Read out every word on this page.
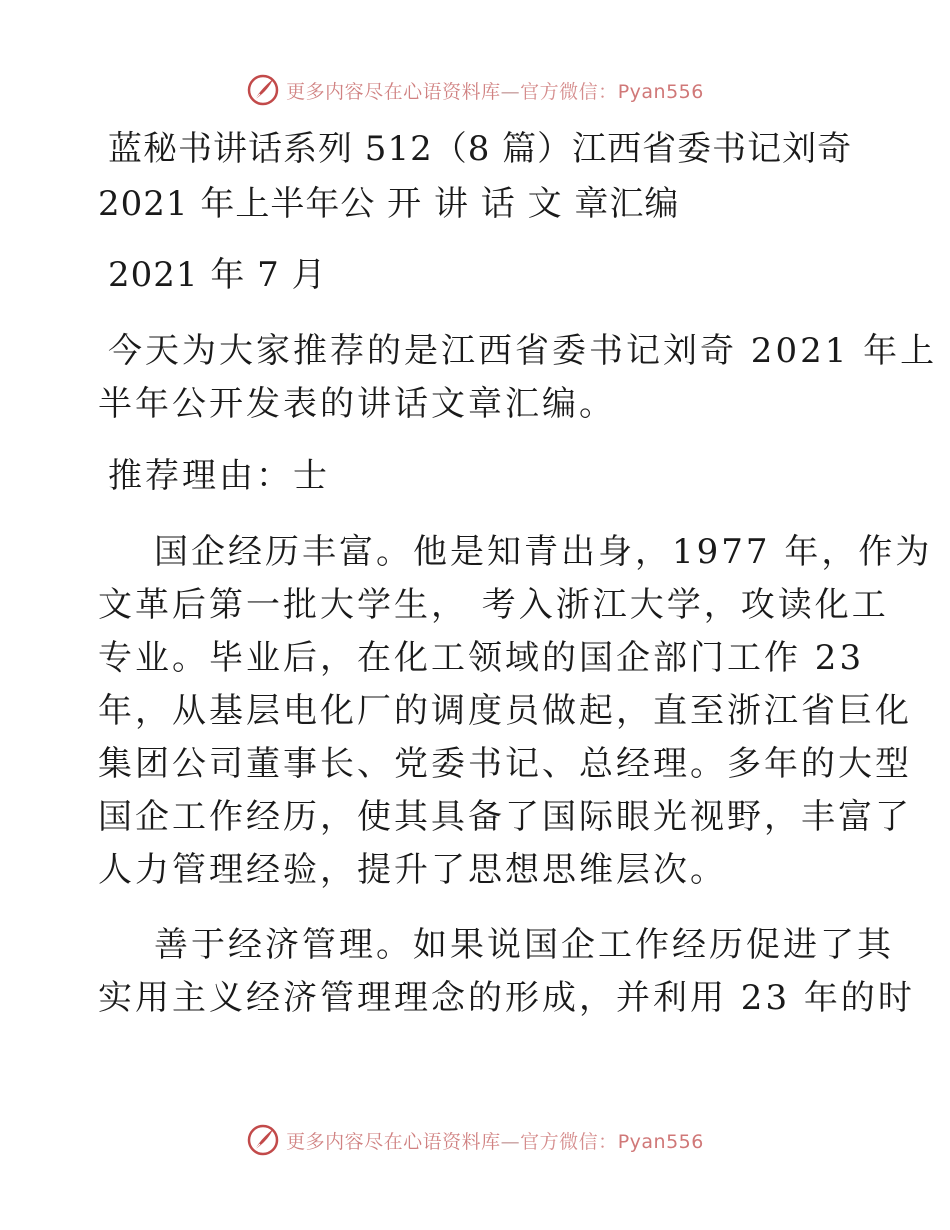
更多内容尽在心语资料库—官方微信：Pyan556
蓝秘书讲话系列 512（8 篇）江西省委书记刘奇
2021 年上半年公 开 讲 话 文 章汇编
2021 年 7 月
今天为大家推荐的是江西省委书记刘奇 2021 年上
半年公开发表的讲话文章汇编。
推荐理由：士
国企经历丰富。他是知青出身，1977 年，作为
文革后第一批大学生， 考入浙江大学，攻读化工
专业。毕业后，在化工领域的国企部门工作 23
年，从基层电化厂的调度员做起，直至浙江省巨化
集团公司董事长、党委书记、总经理。多年的大型
国企工作经历，使其具备了国际眼光视野，丰富了
人力管理经验，提升了思想思维层次。
善于经济管理。如果说国企工作经历促进了其
实用主义经济管理理念的形成，并利用 23 年的时
更多内容尽在心语资料库—官方微信：Pyan556
